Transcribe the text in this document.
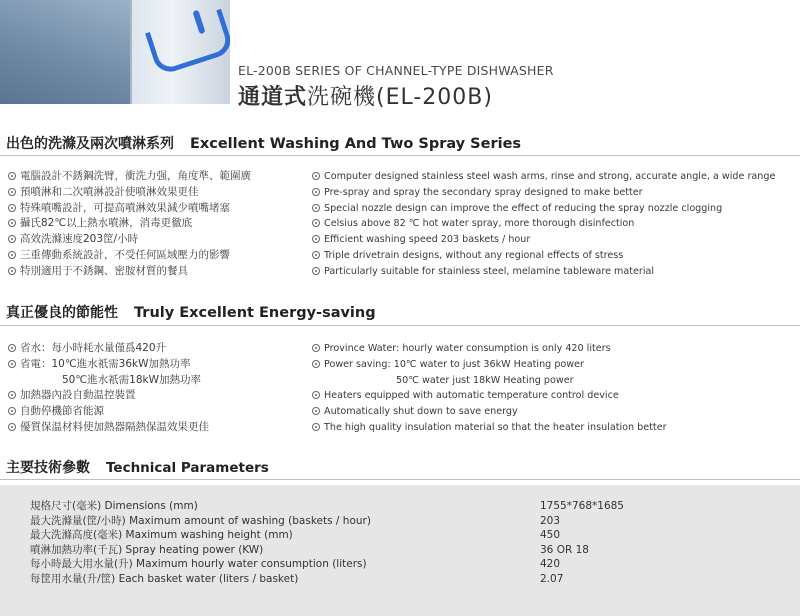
EL-200B SERIES OF CHANNEL-TYPE DISHWASHER
通道式洗碗機(EL-200B)
出色的洗滌及兩次噴淋系列 Excellent Washing And Two Spray Series
電腦設計不銹鋼洗臂，衝洗力强，角度準、範圍廣
預噴淋和二次噴淋設計使噴淋效果更佳
特殊噴嘴設計，可提高噴淋效果減少噴嘴堵塞
攝氏82℃以上熱水噴淋，消毒更徹底
高效洗滌速度203筐/小時
三重傳動系統設計，不受任何區域壓力的影響
特別適用于不銹鋼、密胺材質的餐具
Computer designed stainless steel wash arms, rinse and strong, accurate angle, a wide range
Pre-spray and spray the secondary spray designed to make better
Special nozzle design can improve the effect of reducing the spray nozzle clogging
Celsius above 82 ℃ hot water spray, more thorough disinfection
Efficient washing speed 203 baskets / hour
Triple drivetrain designs, without any regional effects of stress
Particularly suitable for stainless steel, melamine tableware material
真正優良的節能性 Truly Excellent Energy-saving
省水：每小時耗水量僅爲420升
省電：10℃進水祇需36kW加熱功率
50℃進水祇需18kW加熱功率
加熱器內設自動温控裝置
自動停機節省能源
優質保温材料使加熱器隔熱保温效果更佳
Province Water: hourly water consumption is only 420 liters
Power saving: 10℃ water to just 36kW Heating power
50℃ water just 18kW Heating power
Heaters equipped with automatic temperature control device
Automatically shut down to save energy
The high quality insulation material so that the heater insulation better
主要技術參數 Technical Parameters
規格尺寸(毫米) Dimensions (mm)	1755*768*1685
最大洗滌量(筐/小時) Maximum amount of washing (baskets / hour)	203
最大洗滌高度(毫米) Maximum washing height (mm)	450
噴淋加熱功率(千瓦) Spray heating power (KW)	36 OR 18
每小時最大用水量(升) Maximum hourly water consumption (liters)	420
每筐用水量(升/筐) Each basket water (liters / basket)	2.07
